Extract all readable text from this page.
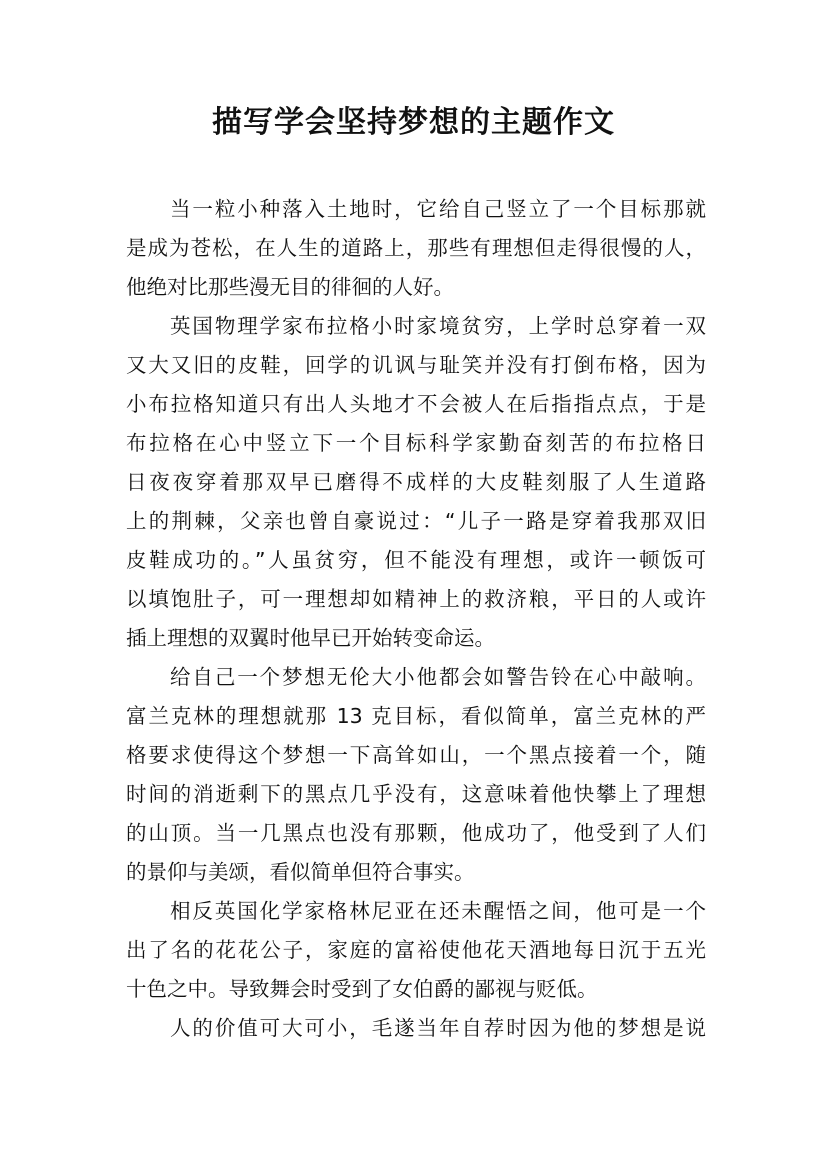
描写学会坚持梦想的主题作文
当一粒小种落入土地时，它给自己竖立了一个目标那就
是成为苍松，在人生的道路上，那些有理想但走得很慢的人，
他绝对比那些漫无目的徘徊的人好。
英国物理学家布拉格小时家境贫穷，上学时总穿着一双
又大又旧的皮鞋，回学的讥讽与耻笑并没有打倒布格，因为
小布拉格知道只有出人头地才不会被人在后指指点点，于是
布拉格在心中竖立下一个目标科学家勤奋刻苦的布拉格日
日夜夜穿着那双早已磨得不成样的大皮鞋刻服了人生道路
上的荆棘，父亲也曾自豪说过：“儿子一路是穿着我那双旧
皮鞋成功的。”人虽贫穷，但不能没有理想，或许一顿饭可
以填饱肚子，可一理想却如精神上的救济粮，平日的人或许
插上理想的双翼时他早已开始转变命运。
给自己一个梦想无伦大小他都会如警告铃在心中敲响。
富兰克林的理想就那 13 克目标，看似简单，富兰克林的严
格要求使得这个梦想一下高耸如山，一个黑点接着一个，随
时间的消逝剩下的黑点几乎没有，这意味着他快攀上了理想
的山顶。当一几黑点也没有那颗，他成功了，他受到了人们
的景仰与美颂，看似简单但符合事实。
相反英国化学家格林尼亚在还未醒悟之间，他可是一个
出了名的花花公子，家庭的富裕使他花天酒地每日沉于五光
十色之中。导致舞会时受到了女伯爵的鄙视与贬低。
人的价值可大可小，毛遂当年自荐时因为他的梦想是说
